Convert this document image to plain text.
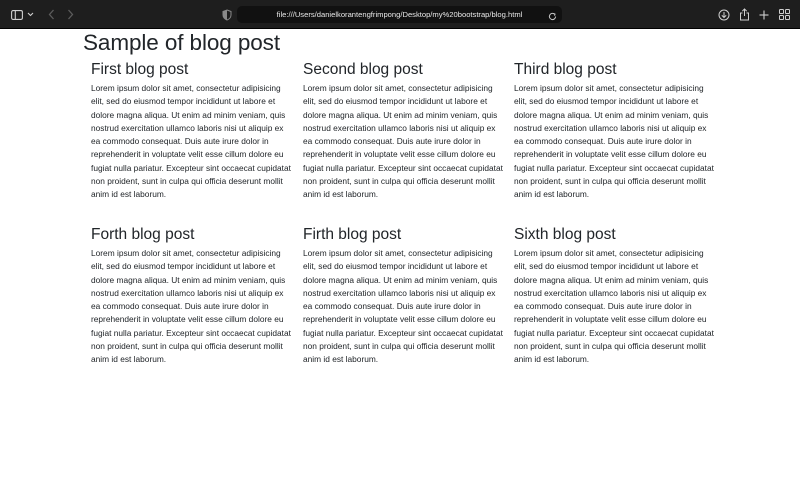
file:///Users/danielkorantengfrimpong/Desktop/my%20bootstrap/blog.html
Sample of blog post
First blog post

Lorem ipsum dolor sit amet, consectetur adipisicing elit, sed do eiusmod tempor incididunt ut labore et dolore magna aliqua. Ut enim ad minim veniam, quis nostrud exercitation ullamco laboris nisi ut aliquip ex ea commodo consequat. Duis aute irure dolor in reprehenderit in voluptate velit esse cillum dolore eu fugiat nulla pariatur. Excepteur sint occaecat cupidatat non proident, sunt in culpa qui officia deserunt mollit anim id est laborum.

Second blog post

Lorem ipsum dolor sit amet, consectetur adipisicing elit, sed do eiusmod tempor incididunt ut labore et dolore magna aliqua. Ut enim ad minim veniam, quis nostrud exercitation ullamco laboris nisi ut aliquip ex ea commodo consequat. Duis aute irure dolor in reprehenderit in voluptate velit esse cillum dolore eu fugiat nulla pariatur. Excepteur sint occaecat cupidatat non proident, sunt in culpa qui officia deserunt mollit anim id est laborum.

Third blog post

Lorem ipsum dolor sit amet, consectetur adipisicing elit, sed do eiusmod tempor incididunt ut labore et dolore magna aliqua. Ut enim ad minim veniam, quis nostrud exercitation ullamco laboris nisi ut aliquip ex ea commodo consequat. Duis aute irure dolor in reprehenderit in voluptate velit esse cillum dolore eu fugiat nulla pariatur. Excepteur sint occaecat cupidatat non proident, sunt in culpa qui officia deserunt mollit anim id est laborum.

Forth blog post

Lorem ipsum dolor sit amet, consectetur adipisicing elit, sed do eiusmod tempor incididunt ut labore et dolore magna aliqua. Ut enim ad minim veniam, quis nostrud exercitation ullamco laboris nisi ut aliquip ex ea commodo consequat. Duis aute irure dolor in reprehenderit in voluptate velit esse cillum dolore eu fugiat nulla pariatur. Excepteur sint occaecat cupidatat non proident, sunt in culpa qui officia deserunt mollit anim id est laborum.

Firth blog post

Lorem ipsum dolor sit amet, consectetur adipisicing elit, sed do eiusmod tempor incididunt ut labore et dolore magna aliqua. Ut enim ad minim veniam, quis nostrud exercitation ullamco laboris nisi ut aliquip ex ea commodo consequat. Duis aute irure dolor in reprehenderit in voluptate velit esse cillum dolore eu fugiat nulla pariatur. Excepteur sint occaecat cupidatat non proident, sunt in culpa qui officia deserunt mollit anim id est laborum.

Sixth blog post

Lorem ipsum dolor sit amet, consectetur adipisicing elit, sed do eiusmod tempor incididunt ut labore et dolore magna aliqua. Ut enim ad minim veniam, quis nostrud exercitation ullamco laboris nisi ut aliquip ex ea commodo consequat. Duis aute irure dolor in reprehenderit in voluptate velit esse cillum dolore eu fugiat nulla pariatur. Excepteur sint occaecat cupidatat non proident, sunt in culpa qui officia deserunt mollit anim id est laborum.
